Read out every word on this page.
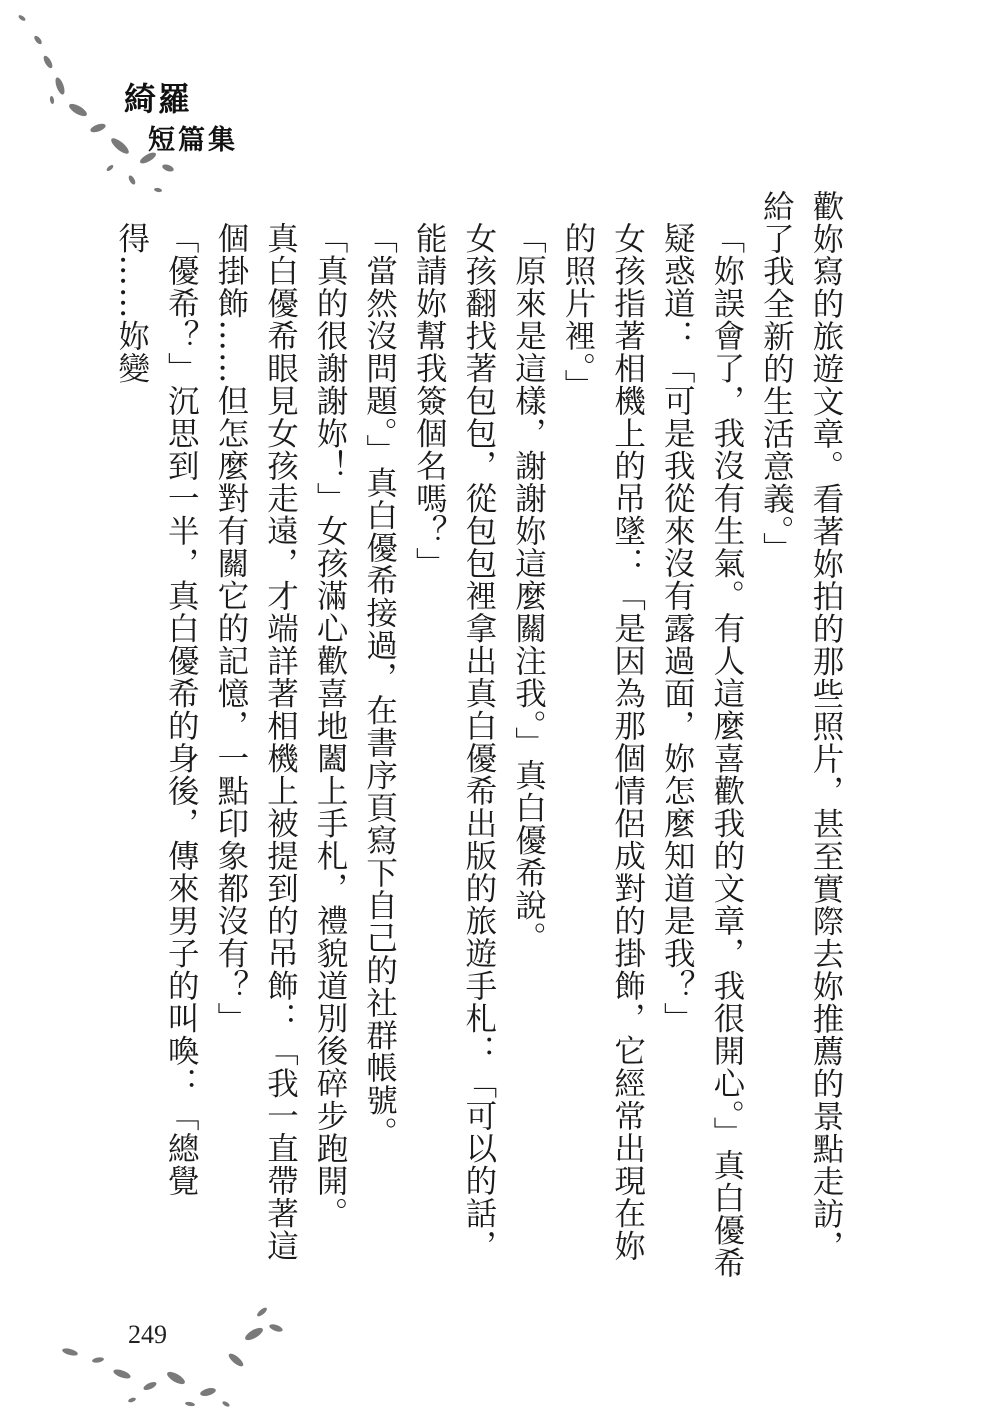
綺羅
短篇集

歡妳寫的旅遊文章。看著妳拍的那些照片，甚至實際去妳推薦的景點走訪，給了我全新的生活意義。」

「妳誤會了，我沒有生氣。有人這麼喜歡我的文章，我很開心。」真白優希疑惑道：「可是我從來沒有露過面，妳怎麼知道是我？」

女孩指著相機上的吊墜：「是因為那個情侶成對的掛飾，它經常出現在妳的照片裡。」

「原來是這樣，謝謝妳這麼關注我。」真白優希說。

女孩翻找著包包，從包包裡拿出真白優希出版的旅遊手札：「可以的話，能請妳幫我簽個名嗎？」

「當然沒問題。」真白優希接過，在書序頁寫下自己的社群帳號。

「真的很謝謝妳！」女孩滿心歡喜地闔上手札，禮貌道別後碎步跑開。

真白優希眼見女孩走遠，才端詳著相機上被提到的吊飾：「我一直帶著這個掛飾……但怎麼對有關它的記憶，一點印象都沒有？」

「優希？」沉思到一半，真白優希的身後，傳來男子的叫喚：「總覺得……妳變

249
